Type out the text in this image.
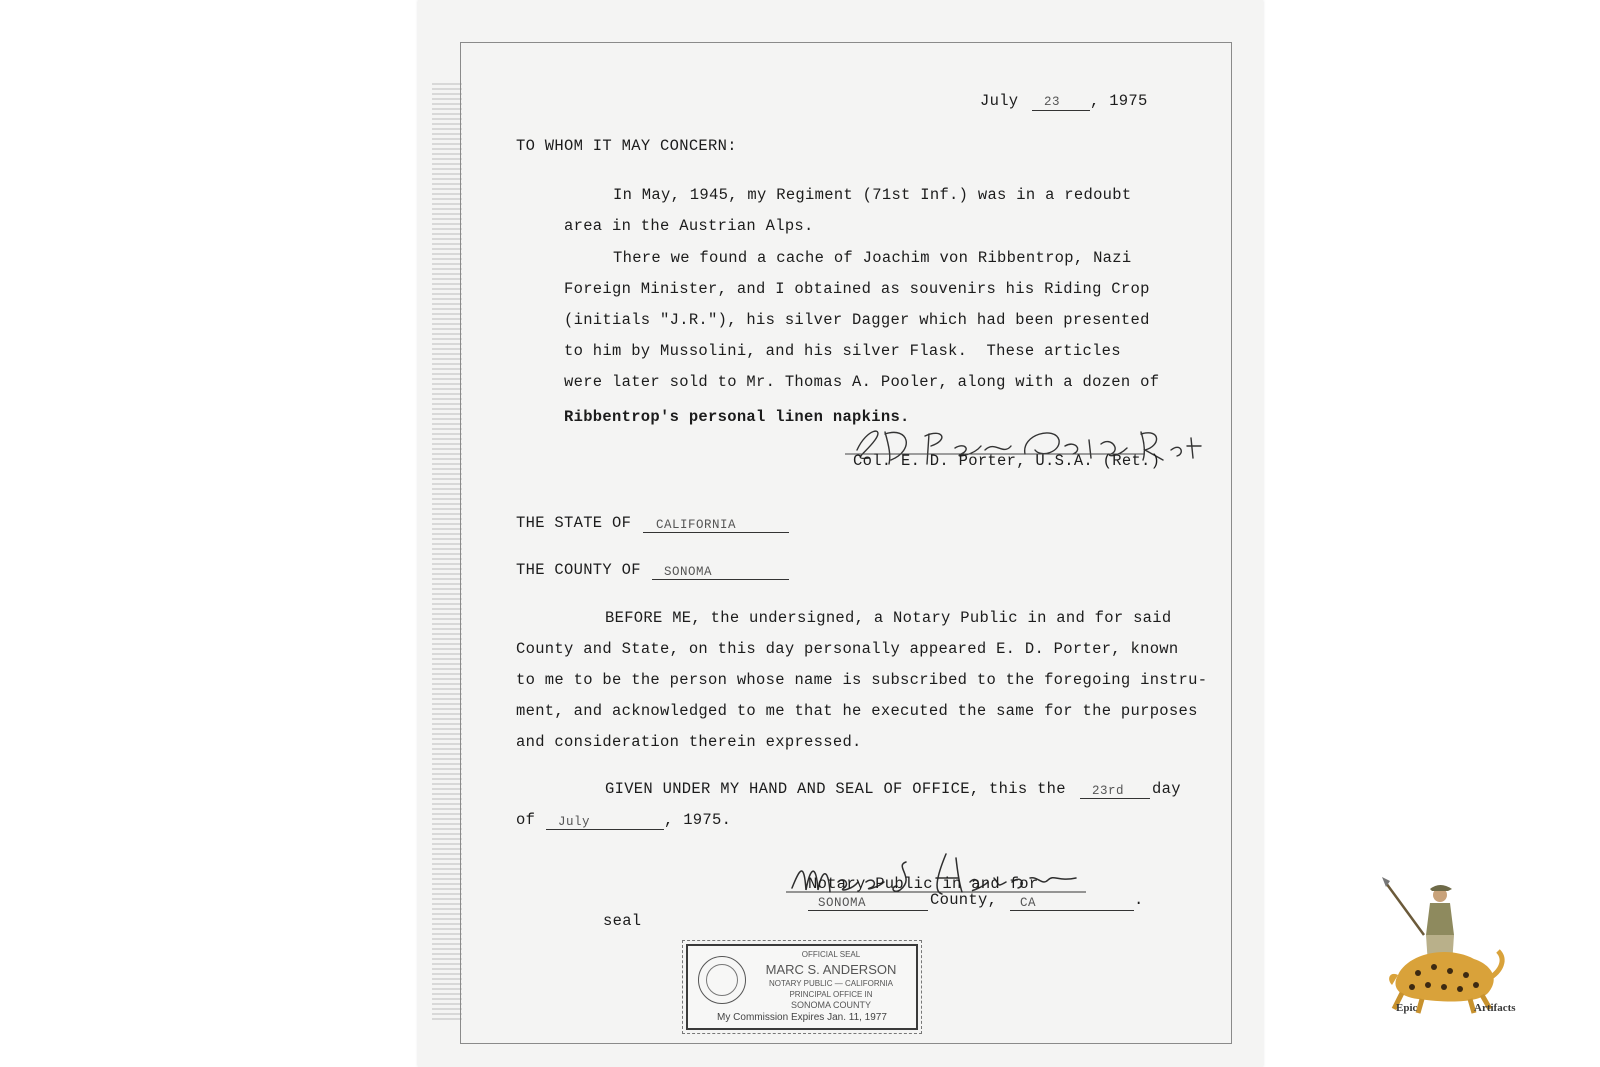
July 23 , 1975
TO WHOM IT MAY CONCERN:
In May, 1945, my Regiment (71st Inf.) was in a redoubt
area in the Austrian Alps.
There we found a cache of Joachim von Ribbentrop, Nazi
Foreign Minister, and I obtained as souvenirs his Riding Crop
(initials "J.R."), his silver Dagger which had been presented
to him by Mussolini, and his silver Flask.  These articles
were later sold to Mr. Thomas A. Pooler, along with a dozen of
Ribbentrop's personal linen napkins.
Col. E. D. Porter, U.S.A. (Ret.)
THE STATE OF CALIFORNIA
THE COUNTY OF SONOMA
BEFORE ME, the undersigned, a Notary Public in and for said
County and State, on this day personally appeared E. D. Porter, known
to me to be the person whose name is subscribed to the foregoing instru-
ment, and acknowledged to me that he executed the same for the purposes
and consideration therein expressed.
GIVEN UNDER MY HAND AND SEAL OF OFFICE, this the 23rd day
of July	, 1975.
Notary Public in and for
SONOMA	County, CA	.
seal
OFFICIAL SEAL
MARC S. ANDERSON
NOTARY PUBLIC — CALIFORNIA
PRINCIPAL OFFICE IN
SONOMA COUNTY
My Commission Expires Jan. 11, 1977
Epic	Artifacts
